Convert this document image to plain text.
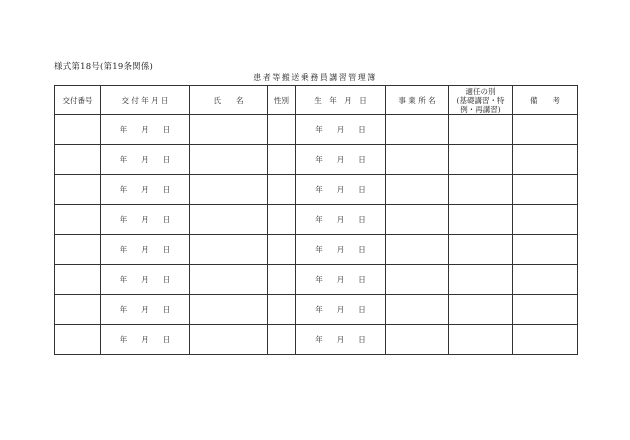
様式第18号(第19条関係)
患者等搬送乗務員講習管理簿
交付番号	交 付 年 月 日	氏　　名	性別	生　年　月　日	事 業 所 名	適任の別
(基礎講習・特
例・再講習)	備　　考
	年 月 日			年 月 日			
	年 月 日			年 月 日			
	年 月 日			年 月 日			
	年 月 日			年 月 日			
	年 月 日			年 月 日			
	年 月 日			年 月 日			
	年 月 日			年 月 日			
	年 月 日			年 月 日			
